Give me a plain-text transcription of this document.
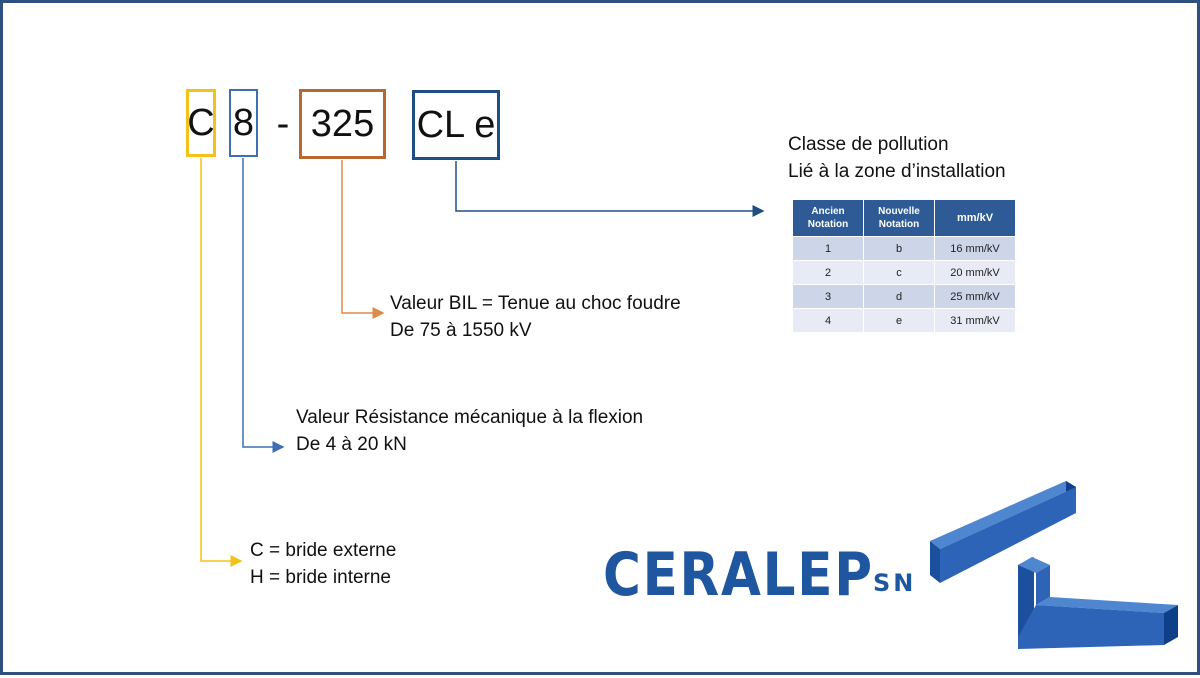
C 8 - 325	CL e	Classe de pollution
Lié à la zone d’installation
Valeur BIL = Tenue au choc foudre
De 75 à 1550 kV
Valeur Résistance mécanique à la flexion
De 4 à 20 kN
C = bride externe
H = bride interne
Ancien Notation	Nouvelle Notation	mm/kV
1	b	16 mm/kV
2	c	20 mm/kV
3	d	25 mm/kV
4	e	31 mm/kV
CERALEP SN
